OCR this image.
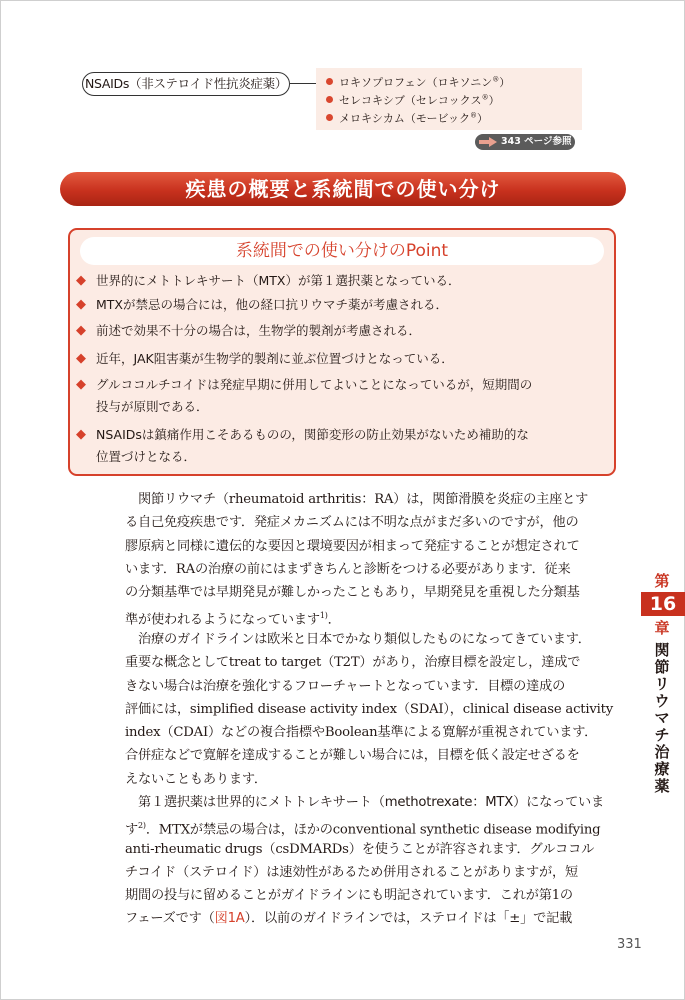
NSAIDs（非ステロイド性抗炎症薬）	ロキソプロフェン（ロキソニン®）
セレコキシブ（セレコックス®）
メロキシカム（モービック®）
343 ページ参照
疾患の概要と系統間での使い分け
系統間での使い分けのPoint
◆ 世界的にメトトレキサート（MTX）が第１選択薬となっている．
◆ MTXが禁忌の場合には，他の経口抗リウマチ薬が考慮される．
◆ 前述で効果不十分の場合は，生物学的製剤が考慮される．
◆ 近年，JAK阻害薬が生物学的製剤に並ぶ位置づけとなっている．
◆ グルココルチコイドは発症早期に併用してよいことになっているが，短期間の
投与が原則である．
◆ NSAIDsは鎮痛作用こそあるものの，関節変形の防止効果がないため補助的な
位置づけとなる．
　関節リウマチ（rheumatoid arthritis：RA）は，関節滑膜を炎症の主座とす
る自己免疫疾患です．発症メカニズムには不明な点がまだ多いのですが，他の
膠原病と同様に遺伝的な要因と環境要因が相まって発症することが想定されて
います．RAの治療の前にはまずきちんと診断をつける必要があります．従来
の分類基準では早期発見が難しかったこともあり，早期発見を重視した分類基
準が使われるようになっています$^{1)}$．
　治療のガイドラインは欧米と日本でかなり類似したものになってきています．
重要な概念としてtreat to target（T2T）があり，治療目標を設定し，達成で
きない場合は治療を強化するフローチャートとなっています．目標の達成の
評価には，simplified disease activity index（SDAI），clinical disease activity
index（CDAI）などの複合指標やBoolean基準による寛解が重視されています．
合併症などで寛解を達成することが難しい場合には，目標を低く設定せざるを
えないこともあります．
　第１選択薬は世界的にメトトレキサート（methotrexate：MTX）になっていま
す$^{2)}$．MTXが禁忌の場合は，ほかのconventional synthetic disease modifying
anti-rheumatic drugs（csDMARDs）を使うことが許容されます．グルココル
チコイド（ステロイド）は速効性があるため併用されることがありますが，短
期間の投与に留めることがガイドラインにも明記されています．これが第1の
フェーズです（図1A）．以前のガイドラインでは，ステロイドは「±」で記載
第
16
章
関
節
リ
ウ
マ
チ
治
療
薬
331
